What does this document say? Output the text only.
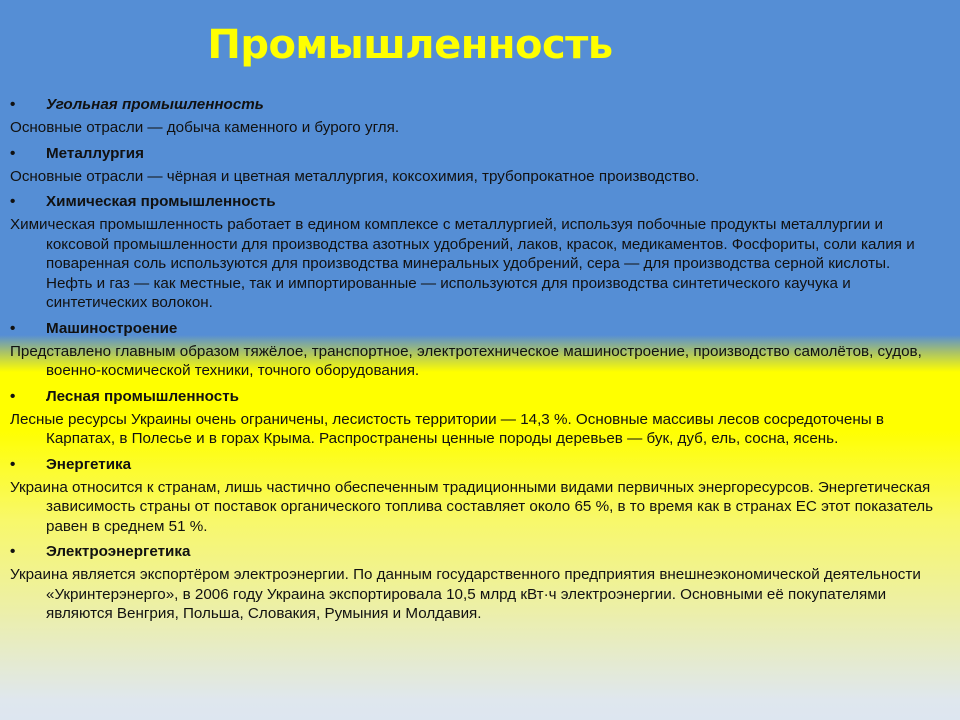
Промышленность
• Угольная промышленность
Основные отрасли — добыча каменного и бурого угля.
• Металлургия
Основные отрасли — чёрная и цветная металлургия, коксохимия, трубопрокатное производство.
• Химическая промышленность
Химическая промышленность работает в едином комплексе с металлургией, используя побочные продукты металлургии и коксовой промышленности для производства азотных удобрений, лаков, красок, медикаментов. Фосфориты, соли калия и поваренная соль используются для производства минеральных удобрений, сера — для производства серной кислоты. Нефть и газ — как местные, так и импортированные — используются для производства синтетического каучука и синтетических волокон.
• Машиностроение
Представлено главным образом тяжёлое, транспортное, электротехническое машиностроение, производство самолётов, судов, военно-космической техники, точного оборудования.
• Лесная промышленность
Лесные ресурсы Украины очень ограничены, лесистость территории — 14,3 %. Основные массивы лесов сосредоточены в Карпатах, в Полесье и в горах Крыма. Распространены ценные породы деревьев — бук, дуб, ель, сосна, ясень.
• Энергетика
Украина относится к странам, лишь частично обеспеченным традиционными видами первичных энергоресурсов. Энергетическая зависимость страны от поставок органического топлива составляет около 65 %, в то время как в странах ЕС этот показатель равен в среднем 51 %.
• Электроэнергетика
Украина является экспортёром электроэнергии. По данным государственного предприятия внешнеэкономической деятельности «Укринтерэнерго», в 2006 году Украина экспортировала 10,5 млрд кВт·ч электроэнергии. Основными её покупателями являются Венгрия, Польша, Словакия, Румыния и Молдавия.
